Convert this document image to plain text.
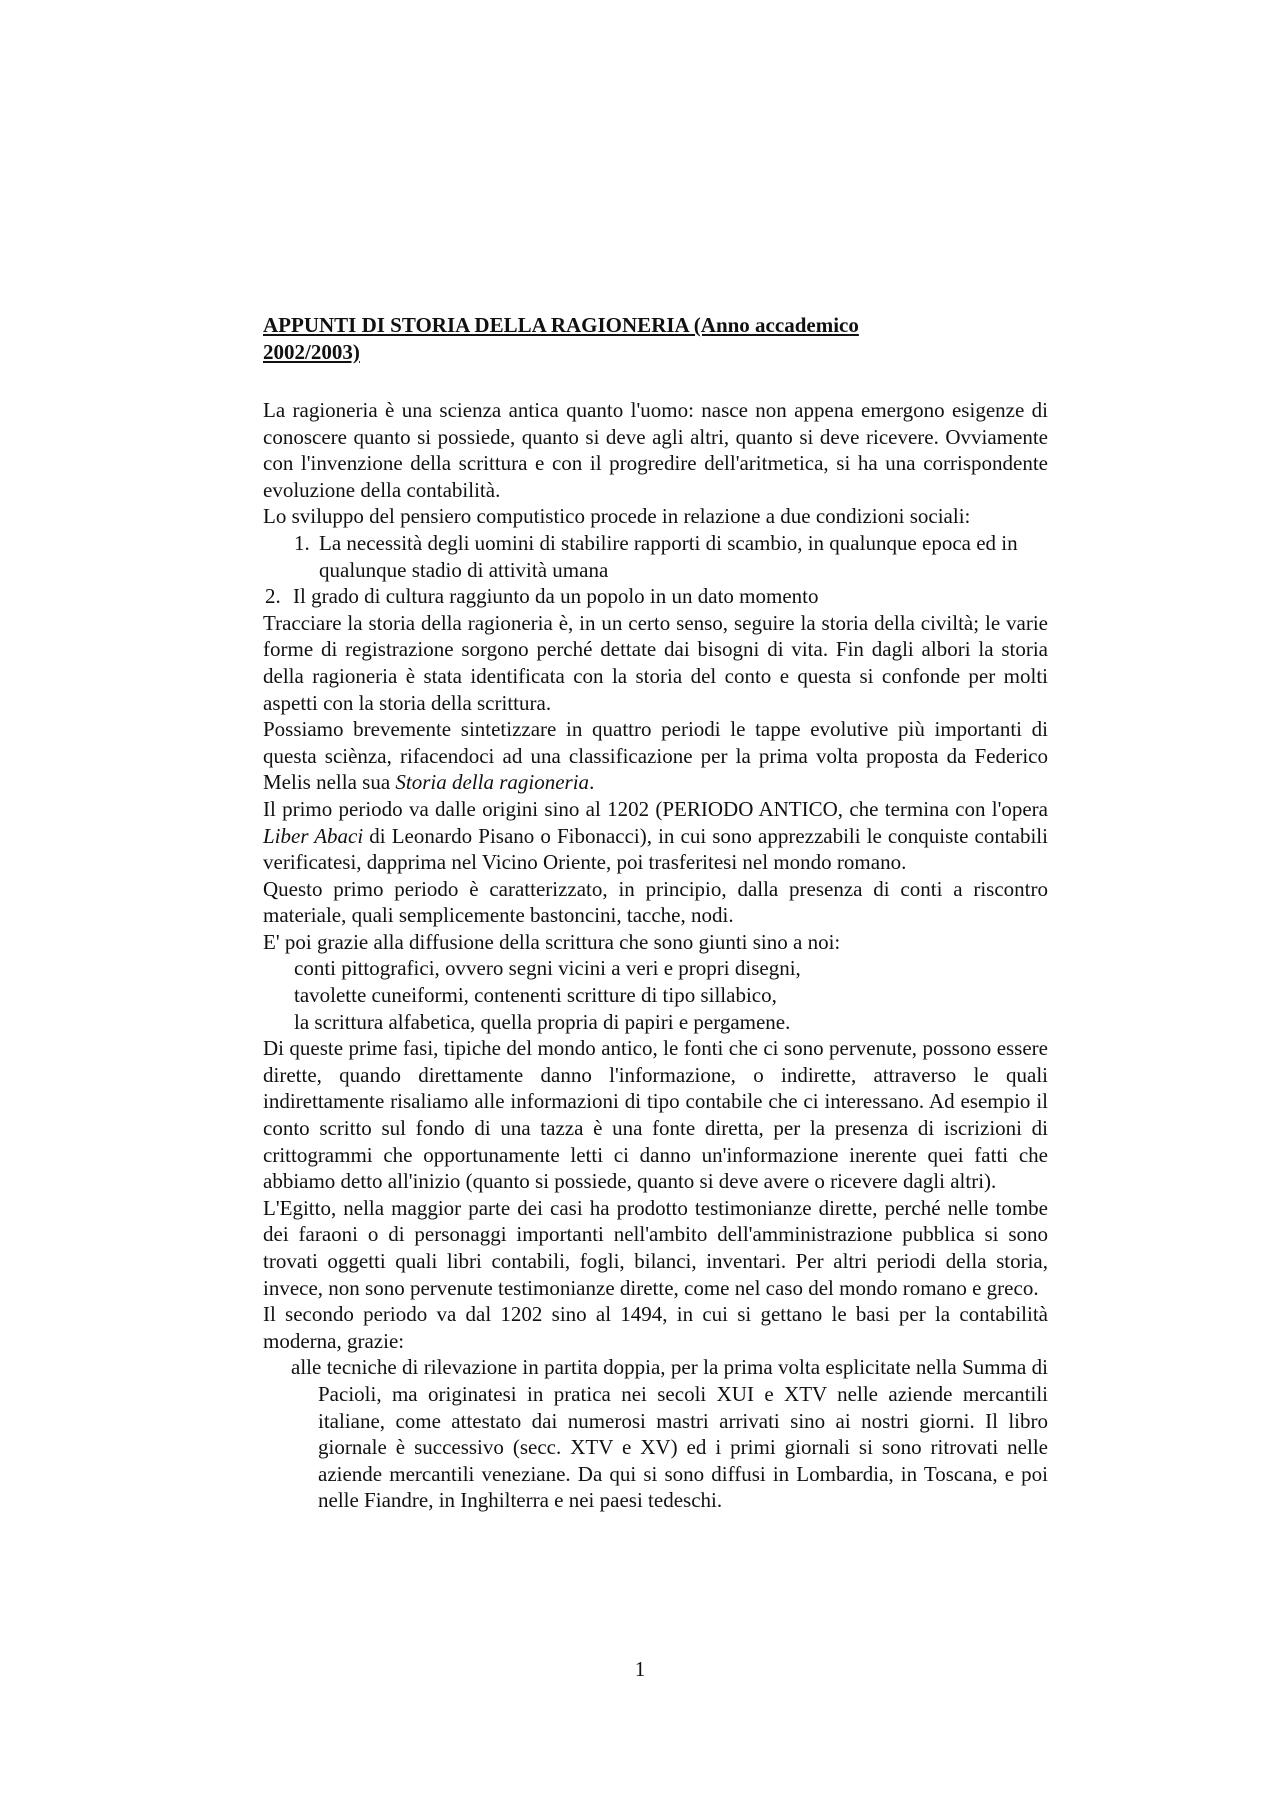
APPUNTI DI STORIA DELLA RAGIONERIA (Anno accademico 2002/2003)

La ragioneria è una scienza antica quanto l'uomo: nasce non appena emergono esigenze di conoscere quanto si possiede, quanto si deve agli altri, quanto si deve ricevere. Ovviamente con l'invenzione della scrittura e con il progredire dell'aritmetica, si ha una corrispondente evoluzione della contabilità.

Lo sviluppo del pensiero computistico procede in relazione a due condizioni sociali:

1. La necessità degli uomini di stabilire rapporti di scambio, in qualunque epoca ed in qualunque stadio di attività umana
2. Il grado di cultura raggiunto da un popolo in un dato momento

Tracciare la storia della ragioneria è, in un certo senso, seguire la storia della civiltà; le varie forme di registrazione sorgono perché dettate dai bisogni di vita. Fin dagli albori la storia della ragioneria è stata identificata con la storia del conto e questa si confonde per molti aspetti con la storia della scrittura.

Possiamo brevemente sintetizzare in quattro periodi le tappe evolutive più importanti di questa sciènza, rifacendoci ad una classificazione per la prima volta proposta da Federico Melis nella sua Storia della ragioneria.

Il primo periodo va dalle origini sino al 1202 (PERIODO ANTICO, che termina con l'opera Liber Abaci di Leonardo Pisano o Fibonacci), in cui sono apprezzabili le conquiste contabili verificatesi, dapprima nel Vicino Oriente, poi trasferitesi nel mondo romano.

Questo primo periodo è caratterizzato, in principio, dalla presenza di conti a riscontro materiale, quali semplicemente bastoncini, tacche, nodi.

E' poi grazie alla diffusione della scrittura che sono giunti sino a noi:

conti pittografici, ovvero segni vicini a veri e propri disegni,

tavolette cuneiformi, contenenti scritture di tipo sillabico,

la scrittura alfabetica, quella propria di papiri e pergamene.

Di queste prime fasi, tipiche del mondo antico, le fonti che ci sono pervenute, possono essere dirette, quando direttamente danno l'informazione, o indirette, attraverso le quali indirettamente risaliamo alle informazioni di tipo contabile che ci interessano. Ad esempio il conto scritto sul fondo di una tazza è una fonte diretta, per la presenza di iscrizioni di crittogrammi che opportunamente letti ci danno un'informazione inerente quei fatti che abbiamo detto all'inizio (quanto si possiede, quanto si deve avere o ricevere dagli altri).

L'Egitto, nella maggior parte dei casi ha prodotto testimonianze dirette, perché nelle tombe dei faraoni o di personaggi importanti nell'ambito dell'amministrazione pubblica si sono trovati oggetti quali libri contabili, fogli, bilanci, inventari. Per altri periodi della storia, invece, non sono pervenute testimonianze dirette, come nel caso del mondo romano e greco.

Il secondo periodo va dal 1202 sino al 1494, in cui si gettano le basi per la contabilità moderna, grazie:

alle tecniche di rilevazione in partita doppia, per la prima volta esplicitate nella Summa di Pacioli, ma originatesi in pratica nei secoli XUI e XTV nelle aziende mercantili italiane, come attestato dai numerosi mastri arrivati sino ai nostri giorni. Il libro giornale è successivo (secc. XTV e XV) ed i primi giornali si sono ritrovati nelle aziende mercantili veneziane. Da qui si sono diffusi in Lombardia, in Toscana, e poi nelle Fiandre, in Inghilterra e nei paesi tedeschi.

1
